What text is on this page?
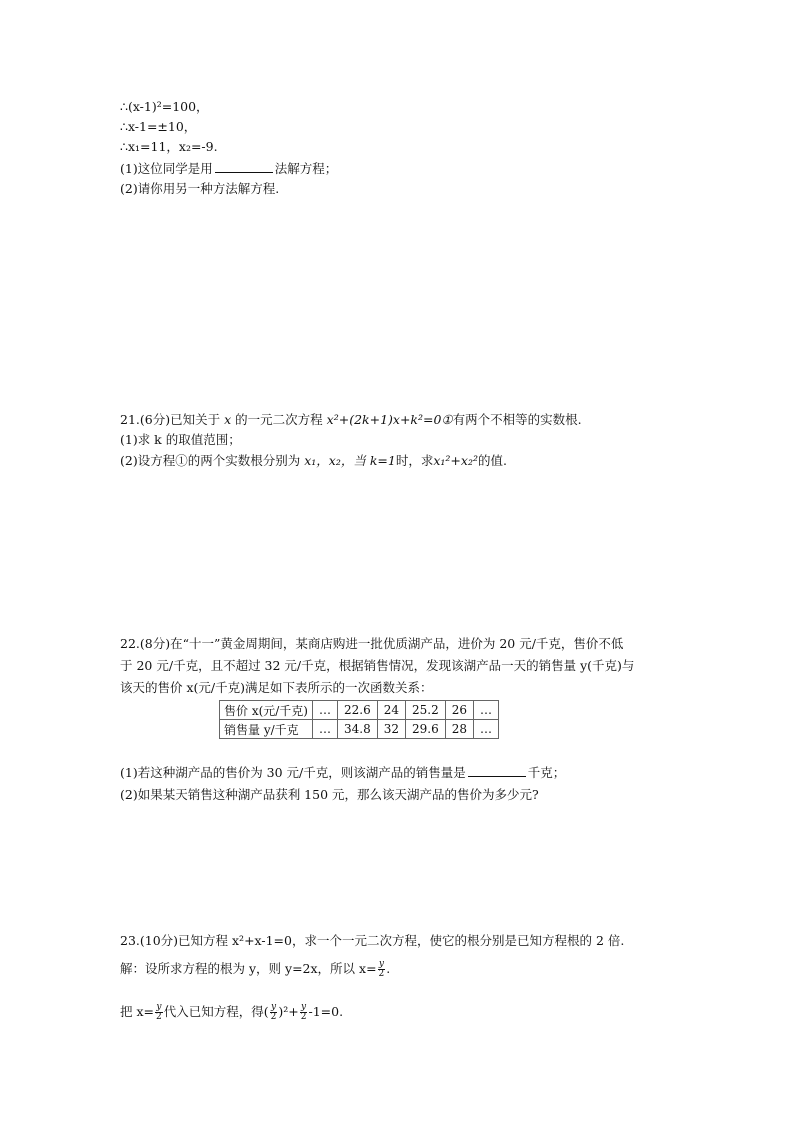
∴(x-1)²=100，
∴x-1=±10，
∴x₁=11，x₂=-9.
(1)这位同学是用	法解方程；
(2)请你用另一种方法解方程.
21.(6分)已知关于 x 的一元二次方程 x²+(2k+1)x+k²=0①有两个不相等的实数根.
(1)求 k 的取值范围；
(2)设方程①的两个实数根分别为 x₁，x₂，当 k=1时，求x₁²+x₂²的值.
22.(8分)在“十一”黄金周期间，某商店购进一批优质湖产品，进价为 20 元/千克，售价不低
于 20 元/千克，且不超过 32 元/千克，根据销售情况，发现该湖产品一天的销售量 y(千克)与
该天的售价 x(元/千克)满足如下表所示的一次函数关系：
售价 x(元/千克)	…	22.6	24	25.2	26	…
销售量 y/千克	…	34.8	32	29.6	28	…
(1)若这种湖产品的售价为 30 元/千克，则该湖产品的销售量是	千克；
(2)如果某天销售这种湖产品获利 150 元，那么该天湖产品的售价为多少元?
23.(10分)已知方程 x²+x-1=0，求一个一元二次方程，使它的根分别是已知方程根的 2 倍.
解：设所求方程的根为 y，则 y=2x，所以 $x= \frac{y}{2}$ .
把 $x= \frac{y}{2}$ 代入已知方程，得( $\frac{y}{2} )^2+ \frac{y}{2} -1=0$.
